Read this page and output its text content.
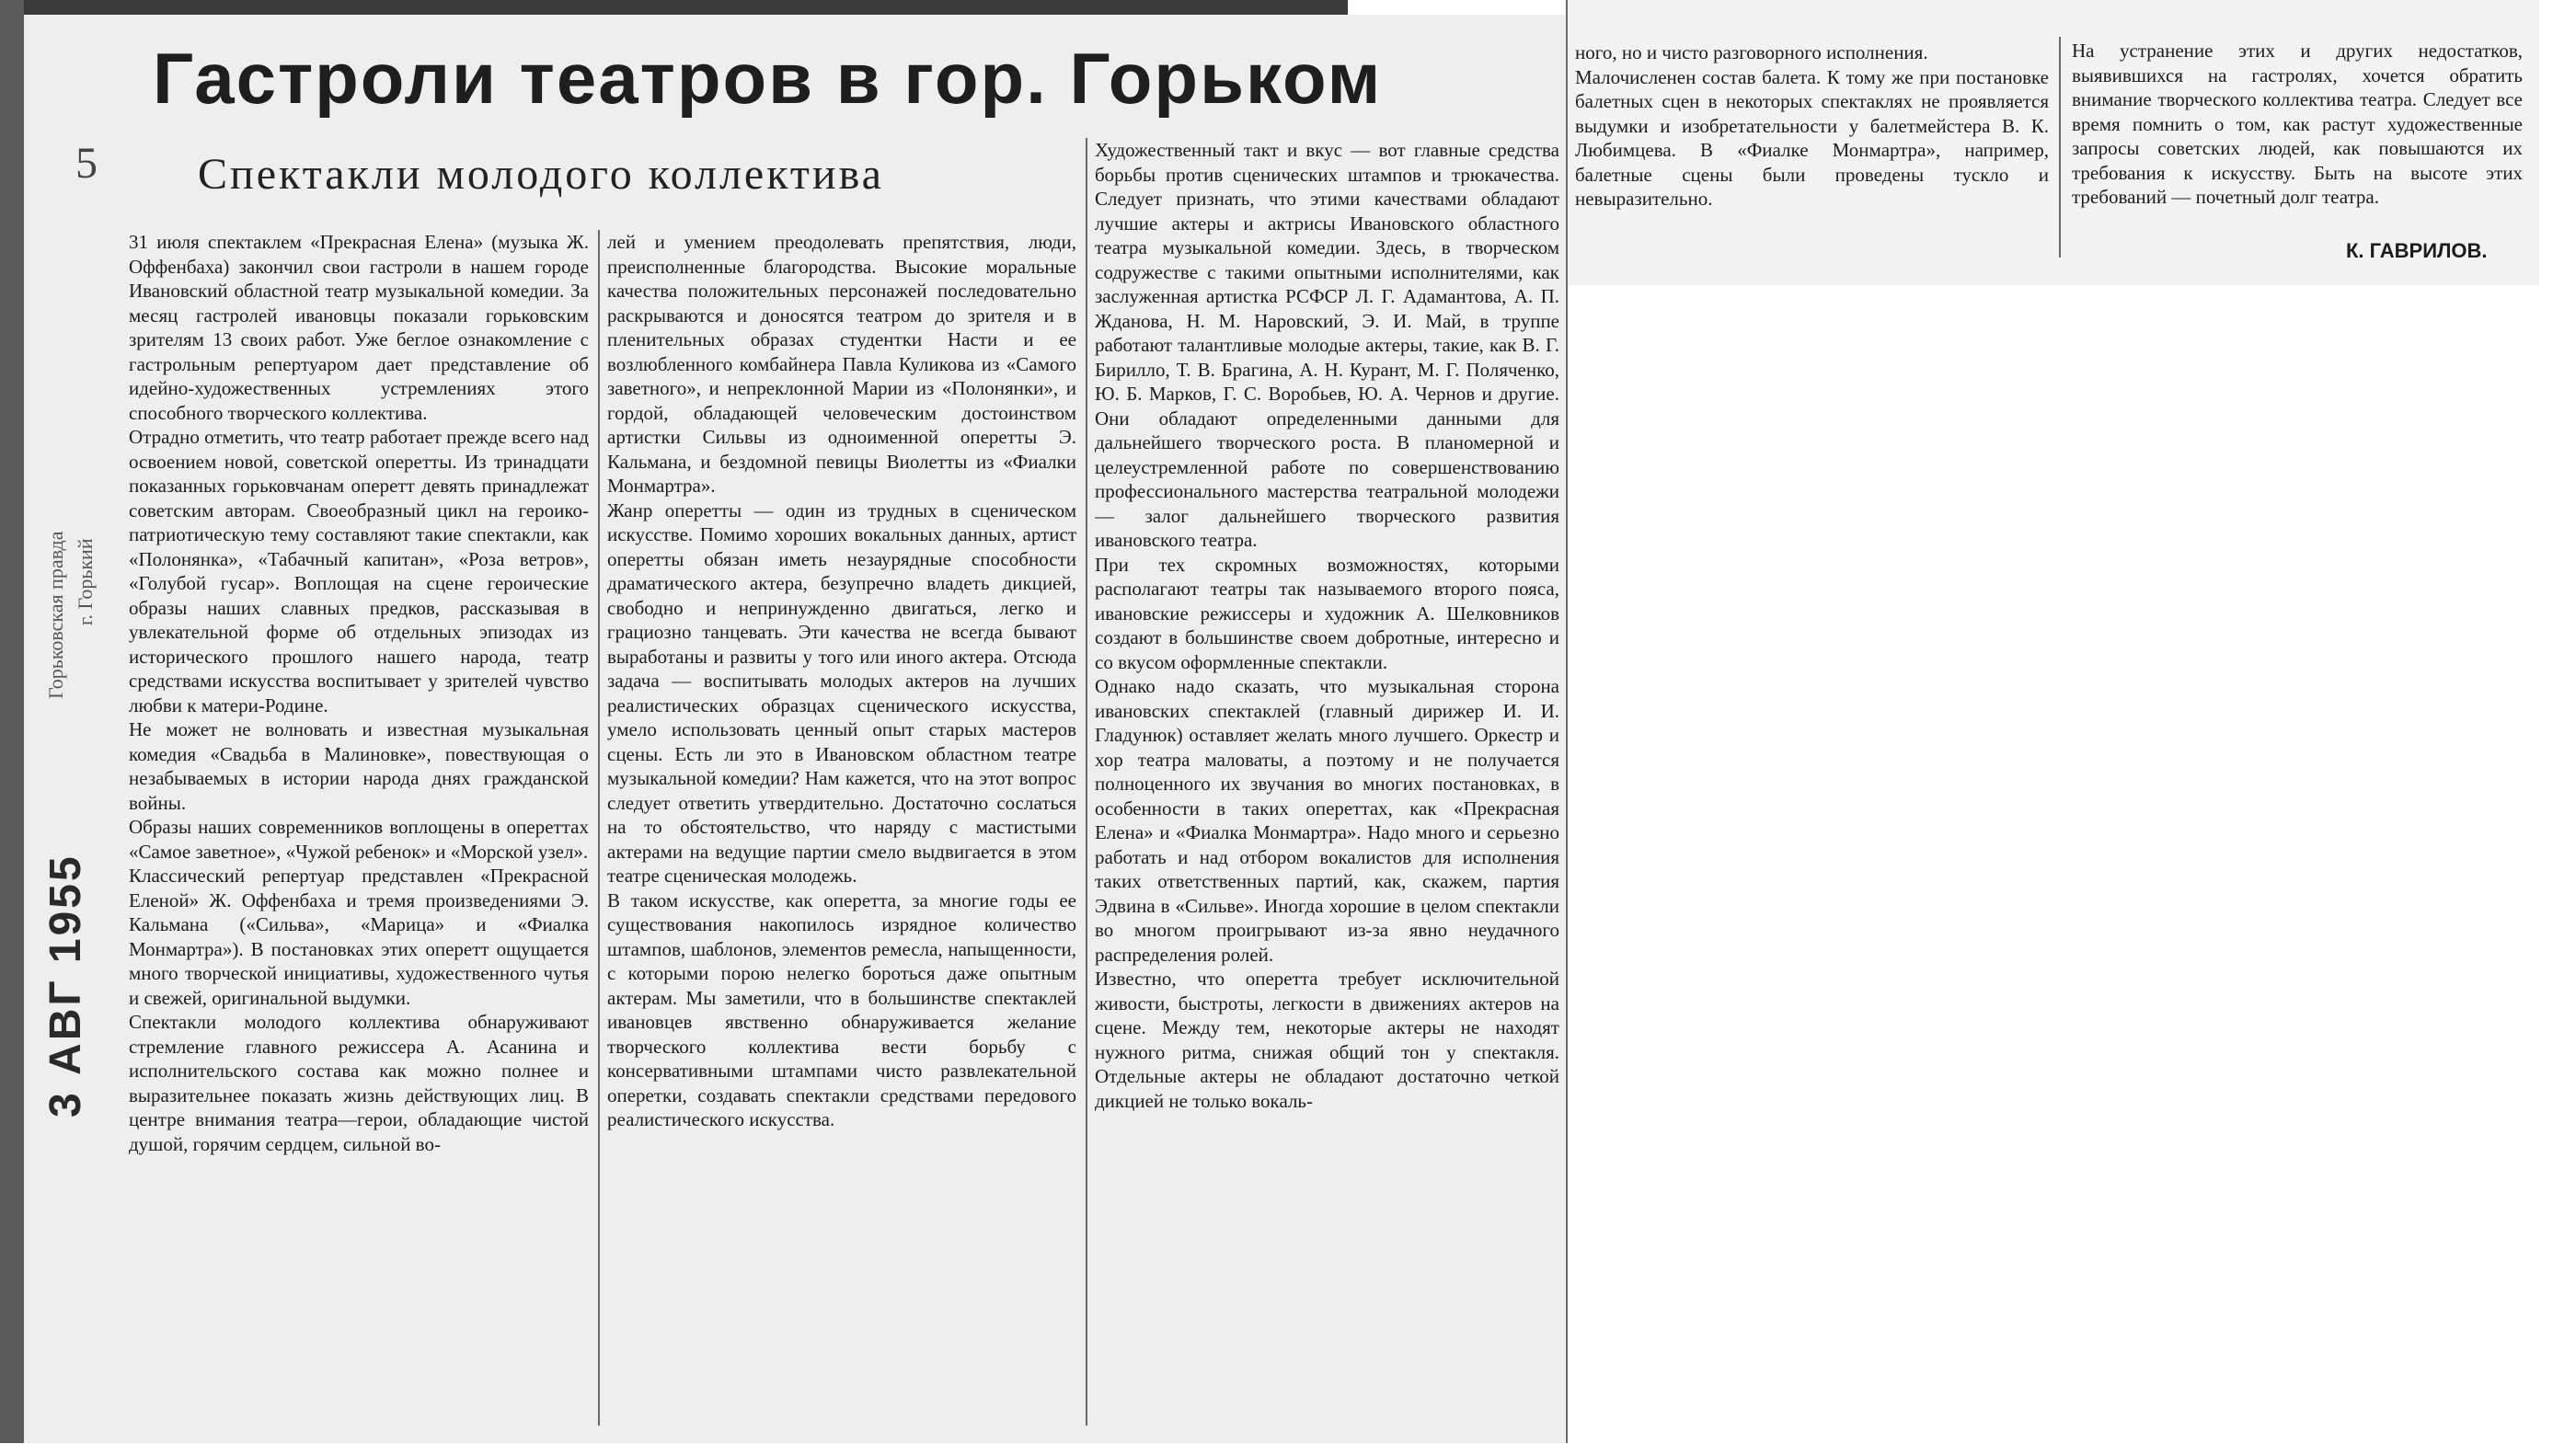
Гастроли театров в гор. Горьком
Спектакли молодого коллектива
Горьковская правда г. Горький
3 АВГ 1955
5
31 июля спектаклем «Прекрасная Елена» (музыка Ж. Оффенбаха) закончил свои гастроли в нашем городе Ивановский областной театр музыкальной комедии. За месяц гастролей ивановцы показали горьковским зрителям 13 своих работ. Уже беглое ознакомление с гастрольным репертуаром дает представление об идейно-художественных устремлениях этого способного творческого коллектива.
Отрадно отметить, что театр работает прежде всего над освоением новой, советской оперетты. Из тринадцати показанных горьковчанам оперетт девять принадлежат советским авторам. Своеобразный цикл на героико-патриотическую тему составляют такие спектакли, как «Полонянка», «Табачный капитан», «Роза ветров», «Голубой гусар». Воплощая на сцене героические образы наших славных предков, рассказывая в увлекательной форме об отдельных эпизодах из исторического прошлого нашего народа, театр средствами искусства воспитывает у зрителей чувство любви к матери-Родине.
Не может не волновать и известная музыкальная комедия «Свадьба в Малиновке», повествующая о незабываемых в истории народа днях гражданской войны.
Образы наших современников воплощены в опереттах «Самое заветное», «Чужой ребенок» и «Морской узел».
Классический репертуар представлен «Прекрасной Еленой» Ж. Оффенбаха и тремя произведениями Э. Кальмана («Сильва», «Марица» и «Фиалка Монмартра»). В постановках этих оперетт ощущается много творческой инициативы, художественного чутья и свежей, оригинальной выдумки.
Спектакли молодого коллектива обнаруживают стремление главного режиссера А. Асанина и исполнительского состава как можно полнее и выразительнее показать жизнь действующих лиц. В центре внимания театра—герои, обладающие чистой душой, горячим сердцем, сильной во-
лей и умением преодолевать препятствия, люди, преисполненные благородства. Высокие моральные качества положительных персонажей последовательно раскрываются и доносятся театром до зрителя и в пленительных образах студентки Насти и ее возлюбленного комбайнера Павла Куликова из «Самого заветного», и непреклонной Марии из «Полонянки», и гордой, обладающей человеческим достоинством артистки Сильвы из одноименной оперетты Э. Кальмана, и бездомной певицы Виолетты из «Фиалки Монмартра».
Жанр оперетты — один из трудных в сценическом искусстве. Помимо хороших вокальных данных, артист оперетты обязан иметь незаурядные способности драматического актера, безупречно владеть дикцией, свободно и непринужденно двигаться, легко и грациозно танцевать. Эти качества не всегда бывают выработаны и развиты у того или иного актера. Отсюда задача — воспитывать молодых актеров на лучших реалистических образцах сценического искусства, умело использовать ценный опыт старых мастеров сцены. Есть ли это в Ивановском областном театре музыкальной комедии? Нам кажется, что на этот вопрос следует ответить утвердительно. Достаточно сослаться на то обстоятельство, что наряду с мастистыми актерами на ведущие партии смело выдвигается в этом театре сценическая молодежь.
В таком искусстве, как оперетта, за многие годы ее существования накопилось изрядное количество штампов, шаблонов, элементов ремесла, напыщенности, с которыми порою нелегко бороться даже опытным актерам. Мы заметили, что в большинстве спектаклей ивановцев явственно обнаруживается желание творческого коллектива вести борьбу с консервативными штампами чисто развлекательной оперетки, создавать спектакли средствами передового реалистического искусства.
Художественный такт и вкус — вот главные средства борьбы против сценических штампов и трюкачества. Следует признать, что этими качествами обладают лучшие актеры и актрисы Ивановского областного театра музыкальной комедии. Здесь, в творческом содружестве с такими опытными исполнителями, как заслуженная артистка РСФСР Л. Г. Адамантова, А. П. Жданова, Н. М. Наровский, Э. И. Май, в труппе работают талантливые молодые актеры, такие, как В. Г. Бирилло, Т. В. Брагина, А. Н. Курант, М. Г. Поляченко, Ю. Б. Марков, Г. С. Воробьев, Ю. А. Чернов и другие. Они обладают определенными данными для дальнейшего творческого роста. В планомерной и целеустремленной работе по совершенствованию профессионального мастерства театральной молодежи — залог дальнейшего творческого развития ивановского театра.
При тех скромных возможностях, которыми располагают театры так называемого второго пояса, ивановские режиссеры и художник А. Шелковников создают в большинстве своем добротные, интересно и со вкусом оформленные спектакли.
Однако надо сказать, что музыкальная сторона ивановских спектаклей (главный дирижер И. И. Гладунюк) оставляет желать много лучшего. Оркестр и хор театра маловаты, а поэтому и не получается полноценного их звучания во многих постановках, в особенности в таких опереттах, как «Прекрасная Елена» и «Фиалка Монмартра». Надо много и серьезно работать и над отбором вокалистов для исполнения таких ответственных партий, как, скажем, партия Эдвина в «Сильве». Иногда хорошие в целом спектакли во многом проигрывают из-за явно неудачного распределения ролей.
Известно, что оперетта требует исключительной живости, быстроты, легкости в движениях актеров на сцене. Между тем, некоторые актеры не находят нужного ритма, снижая общий тон у спектакля. Отдельные актеры не обладают достаточно четкой дикцией не только вокаль-
ного, но и чисто разговорного исполнения.
Малочисленен состав балета. К тому же при постановке балетных сцен в некоторых спектаклях не проявляется выдумки и изобретательности у балетмейстера В. К. Любимцева. В «Фиалке Монмартра», например, балетные сцены были проведены тускло и невыразительно.
На устранение этих и других недостатков, выявившихся на гастролях, хочется обратить внимание творческого коллектива театра. Следует все время помнить о том, как растут художественные запросы советских людей, как повышаются их требования к искусству. Быть на высоте этих требований — почетный долг театра.
К. ГАВРИЛОВ.
